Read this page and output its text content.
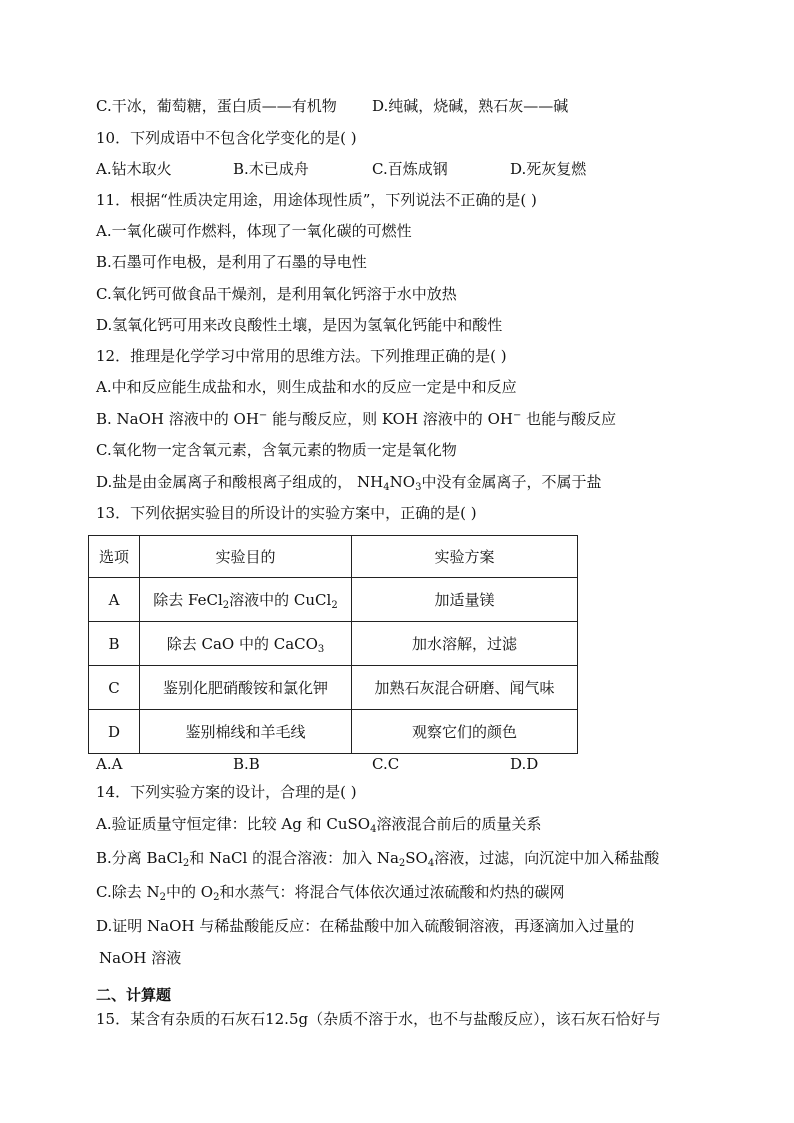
C.干冰，葡萄糖，蛋白质——有机物 D.纯碱，烧碱，熟石灰——碱
10．下列成语中不包含化学变化的是( )
A.钻木取火	B.木已成舟	C.百炼成钢	D.死灰复燃
11．根据“性质决定用途，用途体现性质”，下列说法不正确的是( )
A.一氧化碳可作燃料，体现了一氧化碳的可燃性
B.石墨可作电极，是利用了石墨的导电性
C.氧化钙可做食品干燥剂，是利用氧化钙溶于水中放热
D.氢氧化钙可用来改良酸性土壤，是因为氢氧化钙能中和酸性
12．推理是化学学习中常用的思维方法。下列推理正确的是( )
A.中和反应能生成盐和水，则生成盐和水的反应一定是中和反应
B. NaOH 溶液中的 OH− 能与酸反应，则 KOH 溶液中的 OH− 也能与酸反应
C.氧化物一定含氧元素，含氧元素的物质一定是氧化物
D.盐是由金属离子和酸根离子组成的， $NH_4NO_3$中没有金属离子，不属于盐
13．下列依据实验目的所设计的实验方案中，正确的是( )
选项	实验目的	实验方案
A	除去 FeCl$_2$溶液中的 CuCl$_2$	加适量镁
B	除去 CaO 中的 CaCO$_3$	加水溶解，过滤
C	鉴别化肥硝酸铵和氯化钾	加熟石灰混合研磨、闻气味
D	鉴别棉线和羊毛线	观察它们的颜色
A.A	B.B	C.C	D.D
14．下列实验方案的设计，合理的是( )
A.验证质量守恒定律：比较 Ag 和 CuSO$_4$溶液混合前后的质量关系
B.分离 BaCl$_2$和 NaCl 的混合溶液：加入 $Na_2SO_4$溶液，过滤，向沉淀中加入稀盐酸
C.除去 $N_2$中的 $O_2$和水蒸气：将混合气体依次通过浓硫酸和灼热的碳网
D.证明 NaOH 与稀盐酸能反应：在稀盐酸中加入硫酸铜溶液，再逐滴加入过量的
NaOH 溶液
二、计算题
15．某含有杂质的石灰石12.5g（杂质不溶于水，也不与盐酸反应），该石灰石恰好与
